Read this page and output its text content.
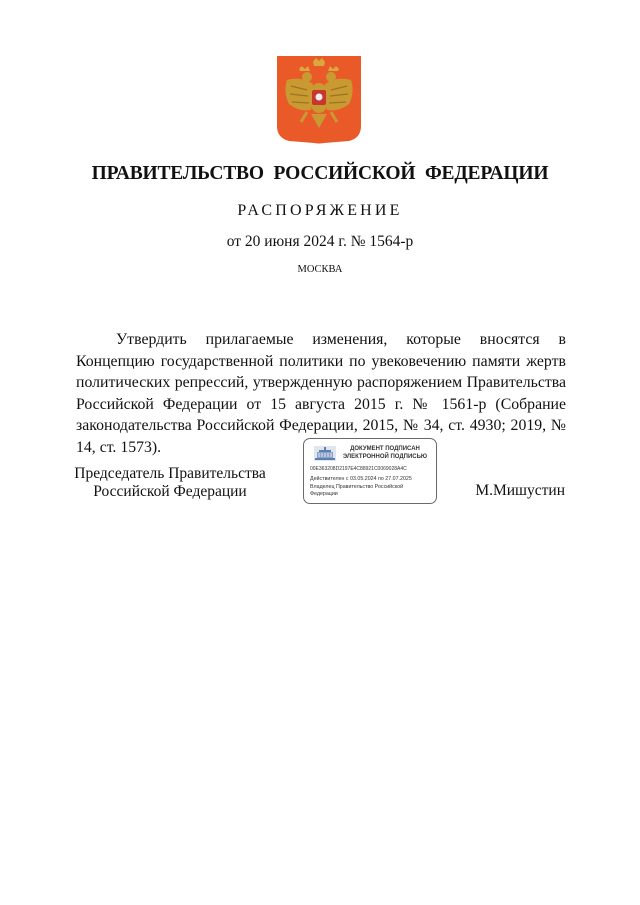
ПРАВИТЕЛЬСТВО РОССИЙСКОЙ ФЕДЕРАЦИИ
РАСПОРЯЖЕНИЕ
от 20 июня 2024 г. № 1564-р
МОСКВА

Утвердить прилагаемые изменения, которые вносятся в Концепцию государственной политики по увековечению памяти жертв политических репрессий, утвержденную распоряжением Правительства Российской Федерации от 15 августа 2015 г. № 1561-р (Собрание законодательства Российской Федерации, 2015, № 34, ст. 4930; 2019, № 14, ст. 1573).

Председатель Правительства
Российской Федерации
ДОКУМЕНТ ПОДПИСАН
ЭЛЕКТРОННОЙ ПОДПИСЬЮ
00E363208D2197E4C88921C0069028A4C
Действителен с 03.05.2024 по 27.07.2025
Владелец Правительство Российской Федерации	М.Мишустин
